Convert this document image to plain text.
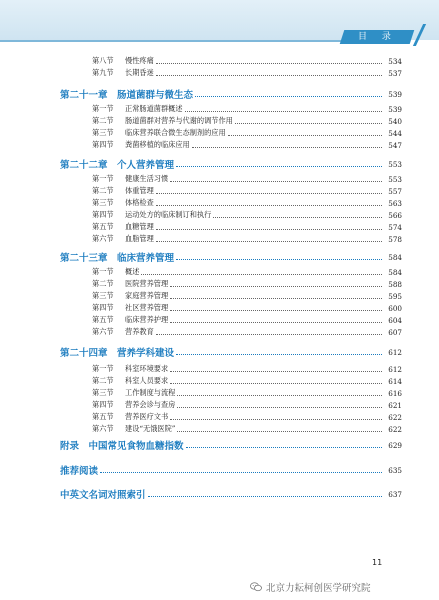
目 录
第八节	慢性疼痛	534
第九节	长期昏迷	537
第二十一章　肠道菌群与微生态	539
第一节	正常肠道菌群概述	539
第二节	肠道菌群对营养与代谢的调节作用	540
第三节	临床营养联合微生态制剂的应用	544
第四节	粪菌移植的临床应用	547
第二十二章　个人营养管理	553
第一节	健康生活习惯	553
第二节	体重管理	557
第三节	体格检查	563
第四节	运动处方的临床制订和执行	566
第五节	血糖管理	574
第六节	血脂管理	578
第二十三章　临床营养管理	584
第一节	概述	584
第二节	医院营养管理	588
第三节	家庭营养管理	595
第四节	社区营养管理	600
第五节	临床营养护理	604
第六节	营养教育	607
第二十四章　营养学科建设	612
第一节	科室环境要求	612
第二节	科室人员要求	614
第三节	工作制度与流程	616
第四节	营养会诊与查房	621
第五节	营养医疗文书	622
第六节	建设“无饿医院”	622
附录　中国常见食物血糖指数	629
推荐阅读	635
中英文名词对照索引	637
11
北京力耘柯创医学研究院
